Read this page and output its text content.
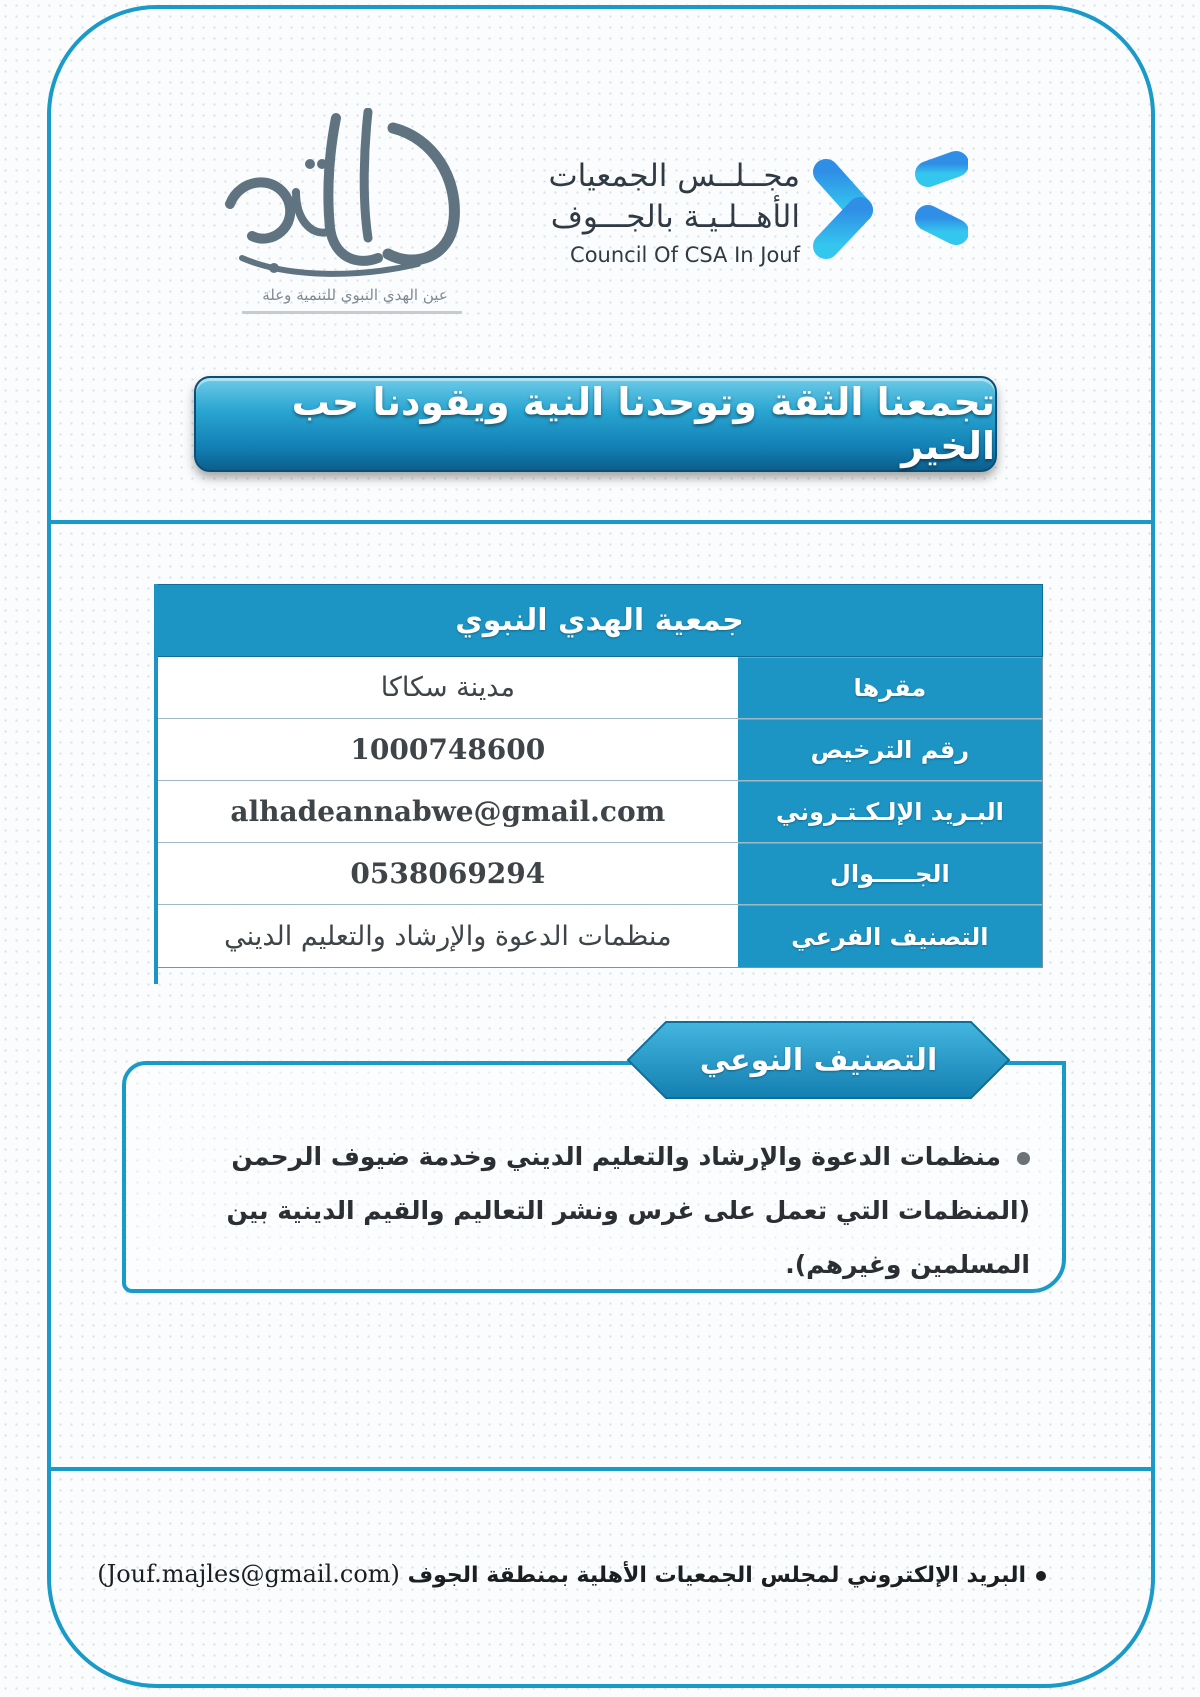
عين الهدي النبوي للتنمية وعلة
مجــلــس الجمعيات
الأهــلـيـة بالجـــوف
Council Of CSA In Jouf
تجمعنا الثقة وتوحدنا النية ويقودنا حب الخير
جمعية الهدي النبوي
مدينة سكاكا	مقرها
1000748600	رقم الترخيص
alhadeannabwe@gmail.com	البـريد الإلـكـتـروني
0538069294	الجـــــوال
منظمات الدعوة والإرشاد والتعليم الديني	التصنيف الفرعي
التصنيف النوعي
منظمات الدعوة والإرشاد والتعليم الديني وخدمة ضيوف الرحمن (المنظمات التي تعمل على غرس ونشر التعاليم والقيم الدينية بين المسلمين وغيرهم).
البريد الإلكتروني لمجلس الجمعيات الأهلية بمنطقة الجوف (Jouf.majles@gmail.com)
